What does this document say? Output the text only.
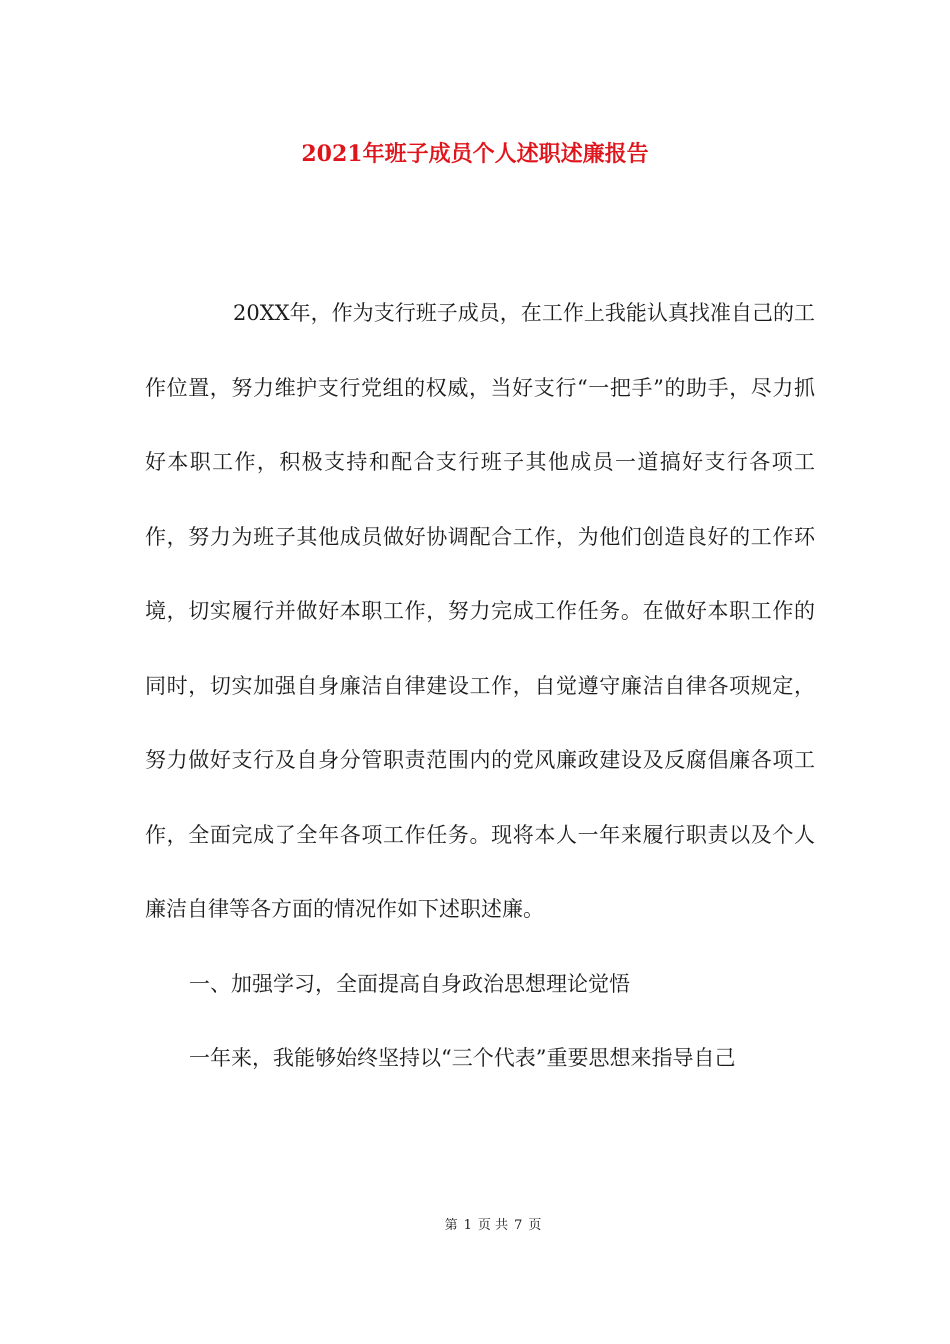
2021年班子成员个人述职述廉报告

20XX年，作为支行班子成员，在工作上我能认真找准自己的工作位置，努力维护支行党组的权威，当好支行“一把手”的助手，尽力抓好本职工作，积极支持和配合支行班子其他成员一道搞好支行各项工作，努力为班子其他成员做好协调配合工作，为他们创造良好的工作环境，切实履行并做好本职工作，努力完成工作任务。在做好本职工作的同时，切实加强自身廉洁自律建设工作，自觉遵守廉洁自律各项规定，努力做好支行及自身分管职责范围内的党风廉政建设及反腐倡廉各项工作，全面完成了全年各项工作任务。现将本人一年来履行职责以及个人廉洁自律等各方面的情况作如下述职述廉。

一、加强学习，全面提高自身政治思想理论觉悟

一年来，我能够始终坚持以“三个代表”重要思想来指导自己

第 1 页 共 7 页
